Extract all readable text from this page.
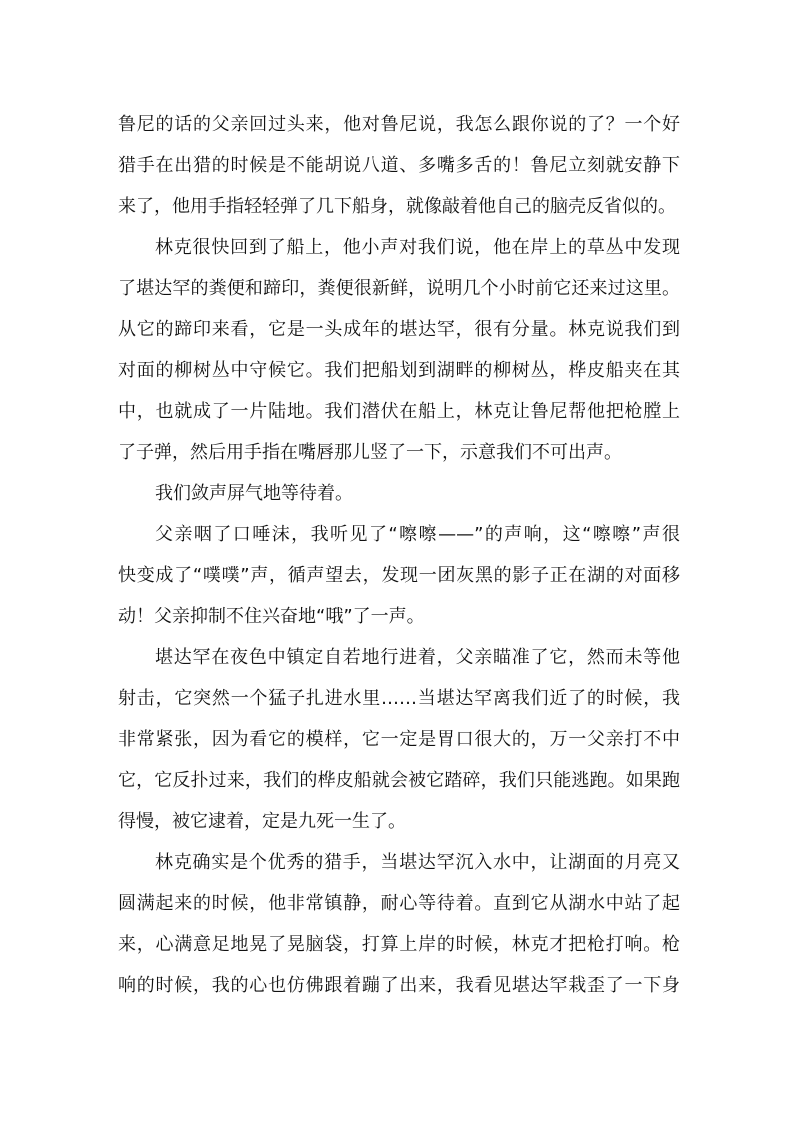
鲁尼的话的父亲回过头来，他对鲁尼说，我怎么跟你说的了？一个好
猎手在出猎的时候是不能胡说八道、多嘴多舌的！鲁尼立刻就安静下
来了，他用手指轻轻弹了几下船身，就像敲着他自己的脑壳反省似的。
林克很快回到了船上，他小声对我们说，他在岸上的草丛中发现
了堪达罕的粪便和蹄印，粪便很新鲜，说明几个小时前它还来过这里。
从它的蹄印来看，它是一头成年的堪达罕，很有分量。林克说我们到
对面的柳树丛中守候它。我们把船划到湖畔的柳树丛，桦皮船夹在其
中，也就成了一片陆地。我们潜伏在船上，林克让鲁尼帮他把枪膛上
了子弹，然后用手指在嘴唇那儿竖了一下，示意我们不可出声。
我们敛声屏气地等待着。
父亲咽了口唾沫，我听见了“嚓嚓——”的声响，这“嚓嚓”声很
快变成了“噗噗”声，循声望去，发现一团灰黑的影子正在湖的对面移
动！父亲抑制不住兴奋地“哦”了一声。
堪达罕在夜色中镇定自若地行进着，父亲瞄准了它，然而未等他
射击，它突然一个猛子扎进水里……当堪达罕离我们近了的时候，我
非常紧张，因为看它的模样，它一定是胃口很大的，万一父亲打不中
它，它反扑过来，我们的桦皮船就会被它踏碎，我们只能逃跑。如果跑
得慢，被它逮着，定是九死一生了。
林克确实是个优秀的猎手，当堪达罕沉入水中，让湖面的月亮又
圆满起来的时候，他非常镇静，耐心等待着。直到它从湖水中站了起
来，心满意足地晃了晃脑袋，打算上岸的时候，林克才把枪打响。枪
响的时候，我的心也仿佛跟着蹦了出来，我看见堪达罕栽歪了一下身
